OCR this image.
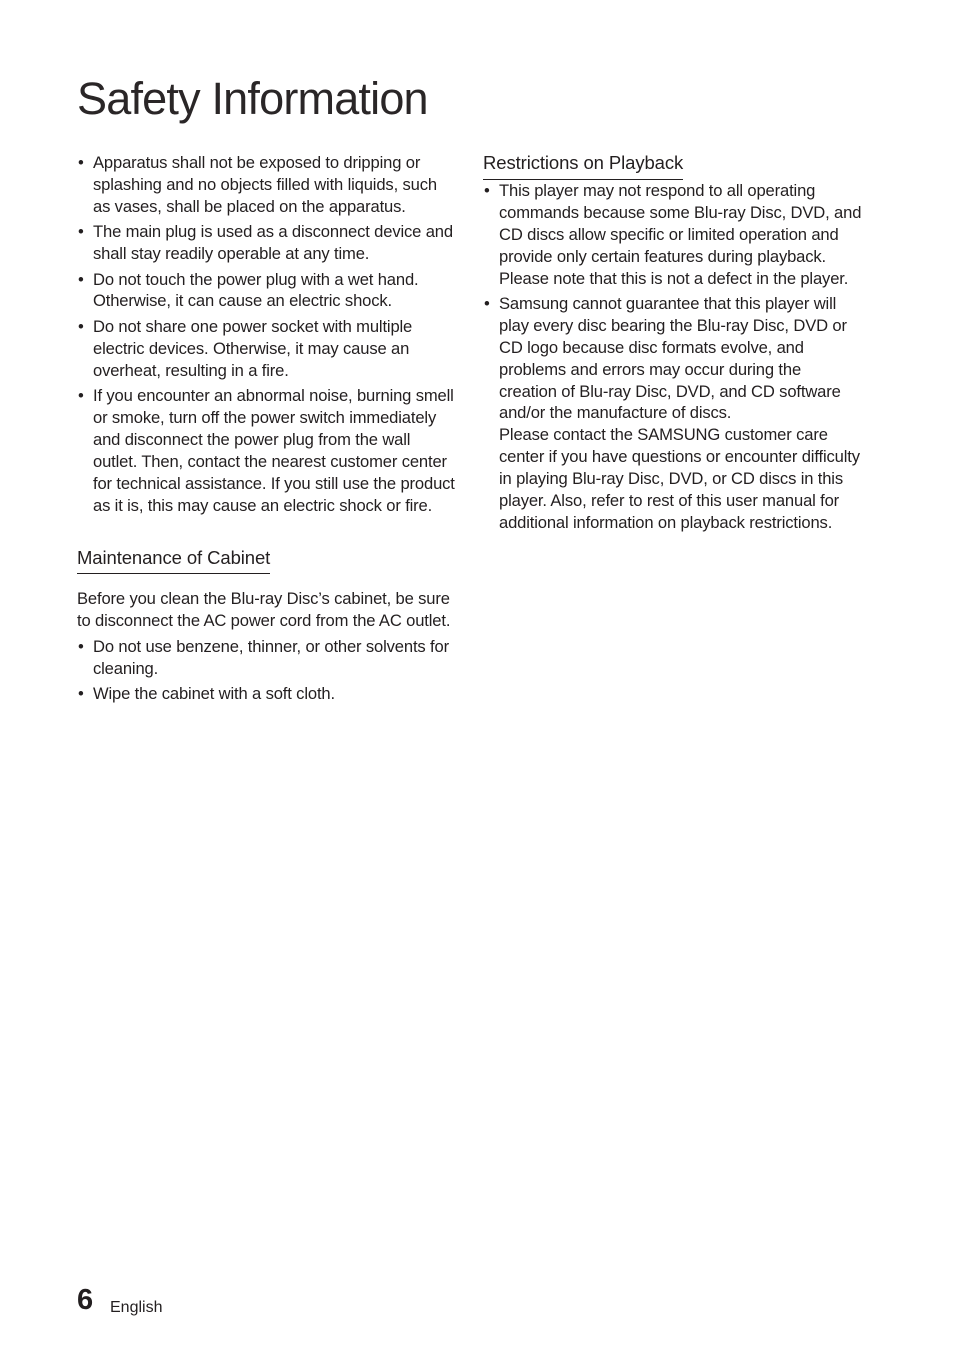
Safety Information
• Apparatus shall not be exposed to dripping or splashing and no objects filled with liquids, such as vases, shall be placed on the apparatus.
• The main plug is used as a disconnect device and shall stay readily operable at any time.
• Do not touch the power plug with a wet hand. Otherwise, it can cause an electric shock.
• Do not share one power socket with multiple electric devices. Otherwise, it may cause an overheat, resulting in a fire.
• If you encounter an abnormal noise, burning smell or smoke, turn off the power switch immediately and disconnect the power plug from the wall outlet. Then, contact the nearest customer center for technical assistance. If you still use the product as it is, this may cause an electric shock or fire.
Maintenance of Cabinet

Before you clean the Blu-ray Disc’s cabinet, be sure to disconnect the AC power cord from the AC outlet.

• Do not use benzene, thinner, or other solvents for cleaning.
• Wipe the cabinet with a soft cloth.
Restrictions on Playback
• This player may not respond to all operating commands because some Blu-ray Disc, DVD, and CD discs allow specific or limited operation and provide only certain features during playback.
Please note that this is not a defect in the player.
• Samsung cannot guarantee that this player will play every disc bearing the Blu-ray Disc, DVD or CD logo because disc formats evolve, and problems and errors may occur during the creation of Blu-ray Disc, DVD, and CD software and/or the manufacture of discs.
Please contact the SAMSUNG customer care center if you have questions or encounter difficulty in playing Blu-ray Disc, DVD, or CD discs in this player. Also, refer to rest of this user manual for additional information on playback restrictions.
6 English
